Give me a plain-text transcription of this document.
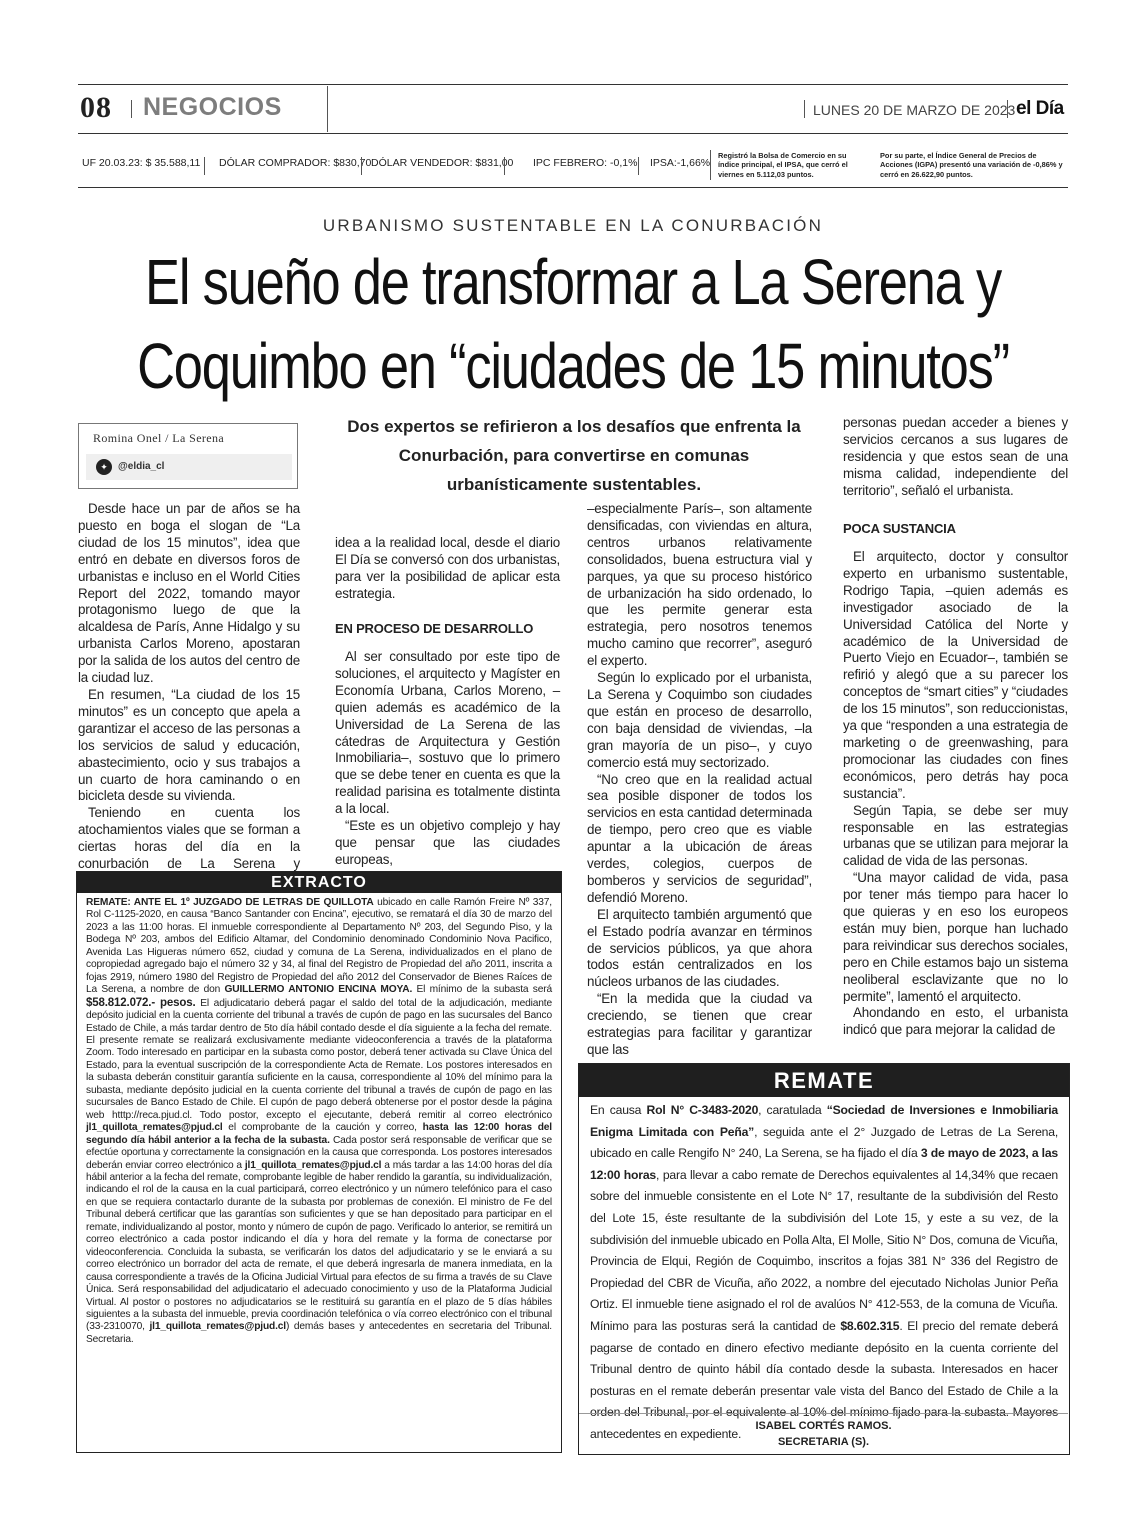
08 NEGOCIOS	LUNES 20 DE MARZO DE 2023 el Día
UF 20.03.23: $ 35.588,11 DÓLAR COMPRADOR: $830,70 DÓLAR VENDEDOR: $831,00 IPC FEBRERO: -0,1% IPSA:-1,66%
Registró la Bolsa de Comercio en su índice principal, el IPSA, que cerró el viernes en 5.112,03 puntos.
Por su parte, el Índice General de Precios de Acciones (IGPA) presentó una variación de -0,86% y cerró en 26.622,90 puntos.
URBANISMO SUSTENTABLE EN LA CONURBACIÓN
El sueño de transformar a La Serena y
Coquimbo en “ciudades de 15 minutos”
Romina Onel / La Serena
✦	@eldia_cl
Dos expertos se refirieron a los desafíos que enfrenta la Conurbación, para convertirse en comunas urbanísticamente sustentables.

Desde hace un par de años se ha puesto en boga el slogan de “La ciudad de los 15 minutos”, idea que entró en debate en diversos foros de urbanistas e incluso en el World Cities Report del 2022, tomando mayor protagonismo luego de que la alcaldesa de París, Anne Hidalgo y su urbanista Carlos Moreno, apostaran por la salida de los autos del centro de la ciudad luz.

En resumen, “La ciudad de los 15 minutos” es un concepto que apela a garantizar el acceso de las personas a los servicios de salud y educación, abastecimiento, ocio y sus trabajos a un cuarto de hora caminando o en bicicleta desde su vivienda.

Teniendo en cuenta los atochamientos viales que se forman a ciertas horas del día en la conurbación de La Serena y

idea a la realidad local, desde el diario El Día se conversó con dos urbanistas, para ver la posibilidad de aplicar esta estrategia.

EN PROCESO DE DESARROLLO

Al ser consultado por este tipo de soluciones, el arquitecto y Magíster en Economía Urbana, Carlos Moreno, –quien además es académico de la Universidad de La Serena de las cátedras de Arquitectura y Gestión Inmobiliaria–, sostuvo que lo primero que se debe tener en cuenta es que la realidad parisina es totalmente distinta a la local.

“Este es un objetivo complejo y hay que pensar que las ciudades europeas,

–especialmente París–, son altamente densificadas, con viviendas en altura, centros urbanos relativamente consolidados, buena estructura vial y parques, ya que su proceso histórico de urbanización ha sido ordenado, lo que les permite generar esta estrategia, pero nosotros tenemos mucho camino que recorrer”, aseguró el experto.

Según lo explicado por el urbanista, La Serena y Coquimbo son ciudades que están en proceso de desarrollo, con baja densidad de viviendas, –la gran mayoría de un piso–, y cuyo comercio está muy sectorizado.

“No creo que en la realidad actual sea posible disponer de todos los servicios en esta cantidad determinada de tiempo, pero creo que es viable apuntar a la ubicación de áreas verdes, colegios, cuerpos de bomberos y servicios de seguridad”, defendió Moreno.

El arquitecto también argumentó que el Estado podría avanzar en términos de servicios públicos, ya que ahora todos están centralizados en los núcleos urbanos de las ciudades.

“En la medida que la ciudad va creciendo, se tienen que crear estrategias para facilitar y garantizar que las

personas puedan acceder a bienes y servicios cercanos a sus lugares de residencia y que estos sean de una misma calidad, independiente del territorio”, señaló el urbanista.

POCA SUSTANCIA

El arquitecto, doctor y consultor experto en urbanismo sustentable, Rodrigo Tapia, –quien además es investigador asociado de la Universidad Católica del Norte y académico de la Universidad de Puerto Viejo en Ecuador–, también se refirió y alegó que a su parecer los conceptos de “smart cities” y “ciudades de los 15 minutos”, son reduccionistas, ya que “responden a una estrategia de marketing o de greenwashing, para promocionar las ciudades con fines económicos, pero detrás hay poca sustancia”.

Según Tapia, se debe ser muy responsable en las estrategias urbanas que se utilizan para mejorar la calidad de vida de las personas.

“Una mayor calidad de vida, pasa por tener más tiempo para hacer lo que quieras y en eso los europeos están muy bien, porque han luchado para reivindicar sus derechos sociales, pero en Chile estamos bajo un sistema neoliberal esclavizante que no lo permite”, lamentó el arquitecto.

Ahondando en esto, el urbanista indicó que para mejorar la calidad de

EXTRACTO
REMATE: ANTE EL 1º JUZGADO DE LETRAS DE QUILLOTA ubicado en calle Ramón Freire Nº 337, Rol C-1125-2020, en causa “Banco Santander con Encina”, ejecutivo, se rematará el día 30 de marzo del 2023 a las 11:00 horas. El inmueble correspondiente al Departamento Nº 203, del Segundo Piso, y la Bodega Nº 203, ambos del Edificio Altamar, del Condominio denominado Condominio Nova Pacifico, Avenida Las Higueras número 652, ciudad y comuna de La Serena, individualizados en el plano de copropiedad agregado bajo el número 32 y 34, al final del Registro de Propiedad del año 2011, inscrita a fojas 2919, número 1980 del Registro de Propiedad del año 2012 del Conservador de Bienes Raíces de La Serena, a nombre de don GUILLERMO ANTONIO ENCINA MOYA. El mínimo de la subasta será $58.812.072.- pesos. El adjudicatario deberá pagar el saldo del total de la adjudicación, mediante depósito judicial en la cuenta corriente del tribunal a través de cupón de pago en las sucursales del Banco Estado de Chile, a más tardar dentro de 5to día hábil contado desde el día siguiente a la fecha del remate. El presente remate se realizará exclusivamente mediante videoconferencia a través de la plataforma Zoom. Todo interesado en participar en la subasta como postor, deberá tener activada su Clave Única del Estado, para la eventual suscripción de la correspondiente Acta de Remate. Los postores interesados en la subasta deberán constituir garantía suficiente en la causa, correspondiente al 10% del mínimo para la subasta, mediante depósito judicial en la cuenta corriente del tribunal a través de cupón de pago en las sucursales de Banco Estado de Chile. El cupón de pago deberá obtenerse por el postor desde la página web htttp://reca.pjud.cl. Todo postor, excepto el ejecutante, deberá remitir al correo electrónico jl1_quillota_remates@pjud.cl el comprobante de la caución y correo, hasta las 12:00 horas del segundo día hábil anterior a la fecha de la subasta. Cada postor será responsable de verificar que se efectúe oportuna y correctamente la consignación en la causa que corresponda. Los postores interesados deberán enviar correo electrónico a jl1_quillota_remates@pjud.cl a más tardar a las 14:00 horas del día hábil anterior a la fecha del remate, comprobante legible de haber rendido la garantía, su individualización, indicando el rol de la causa en la cual participará, correo electrónico y un número telefónico para el caso en que se requiera contactarlo durante de la subasta por problemas de conexión. El ministro de Fe del Tribunal deberá certificar que las garantías son suficientes y que se han depositado para participar en el remate, individualizando al postor, monto y número de cupón de pago. Verificado lo anterior, se remitirá un correo electrónico a cada postor indicando el día y hora del remate y la forma de conectarse por videoconferencia. Concluida la subasta, se verificarán los datos del adjudicatario y se le enviará a su correo electrónico un borrador del acta de remate, el que deberá ingresarla de manera inmediata, en la causa correspondiente a través de la Oficina Judicial Virtual para efectos de su firma a través de su Clave Única. Será responsabilidad del adjudicatario el adecuado conocimiento y uso de la Plataforma Judicial Virtual. Al postor o postores no adjudicatarios se le restituirá su garantía en el plazo de 5 días hábiles siguientes a la subasta del inmueble, previa coordinación telefónica o vía correo electrónico con el tribunal (33-2310070, jl1_quillota_remates@pjud.cl) demás bases y antecedentes en secretaria del Tribunal. Secretaria.
REMATE
En causa Rol N° C-3483-2020, caratulada “Sociedad de Inversiones e Inmobiliaria Enigma Limitada con Peña”, seguida ante el 2° Juzgado de Letras de La Serena, ubicado en calle Rengifo N° 240, La Serena, se ha fijado el día 3 de mayo de 2023, a las 12:00 horas, para llevar a cabo remate de Derechos equivalentes al 14,34% que recaen sobre del inmueble consistente en el Lote N° 17, resultante de la subdivisión del Resto del Lote 15, éste resultante de la subdivisión del Lote 15, y este a su vez, de la subdivisión del inmueble ubicado en Polla Alta, El Molle, Sitio N° Dos, comuna de Vicuña, Provincia de Elqui, Región de Coquimbo, inscritos a fojas 381 N° 336 del Registro de Propiedad del CBR de Vicuña, año 2022, a nombre del ejecutado Nicholas Junior Peña Ortiz. El inmueble tiene asignado el rol de avalúos N° 412-553, de la comuna de Vicuña. Mínimo para las posturas será la cantidad de $8.602.315. El precio del remate deberá pagarse de contado en dinero efectivo mediante depósito en la cuenta corriente del Tribunal dentro de quinto hábil día contado desde la subasta. Interesados en hacer posturas en el remate deberán presentar vale vista del Banco del Estado de Chile a la orden del Tribunal, por el equivalente al 10% del mínimo fijado para la subasta. Mayores antecedentes en expediente.
ISABEL CORTÉS RAMOS.
SECRETARIA (S).
